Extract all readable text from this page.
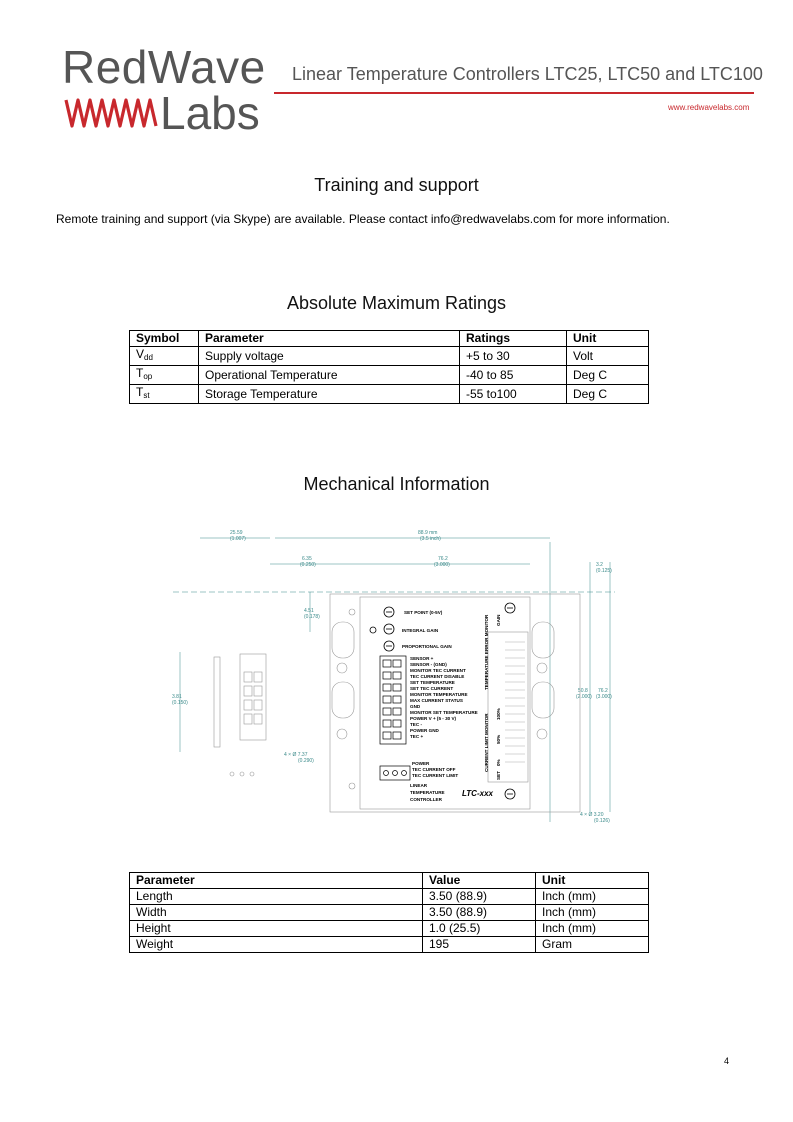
RedWave
Labs
Linear Temperature Controllers LTC25, LTC50 and LTC100
www.redwavelabs.com
Training and support
Remote training and support (via Skype) are available. Please contact info@redwavelabs.com for more information.
Absolute Maximum Ratings
Symbol	Parameter	Ratings	Unit
$V_{dd}$	Supply voltage	+5 to 30	Volt
$T_{op}$	Operational Temperature	-40 to 85	Deg C
$T_{st}$	Storage Temperature	-55 to100	Deg C
Mechanical Information
25.59
(1.007)
88.9 mm
(3.5 inch)
6.35
(0.250)
76.2
(3.000)	3.2
(0.125)
4.51
(0.178)
4 × Ø 7.37
(0.290)
4 × Ø 3.20
(0.126)
3.81
(0.150)
50.8
(2.000)
76.2
(3.000)
SET POINT (0-5V)
INTEGRAL GAIN
PROPORTIONAL GAIN
SENSOR +
SENSOR - (GND)
MONITOR TEC CURRENT
TEC CURRENT DISABLE
SET TEMPERATURE
SET TEC CURRENT
MONITOR TEMPERATURE
MAX CURRENT STATUS
GND
MONITOR SET TEMPERATURE
POWER V + (5 - 30 V)
TEC -
POWER GND
TEC +
POWER
TEC CURRENT OFF
TEC CURRENT LIMIT
LINEAR
TEMPERATURE
CONTROLLER
LTC-xxx
TEMPERATURE ERROR MONITOR
CURRENT LIMIT MONITOR
GAIN
SET
0%
50%
100%
Parameter	Value	Unit
Length	3.50 (88.9)	Inch (mm)
Width	3.50 (88.9)	Inch (mm)
Height	1.0 (25.5)	Inch (mm)
Weight	195	Gram
4
